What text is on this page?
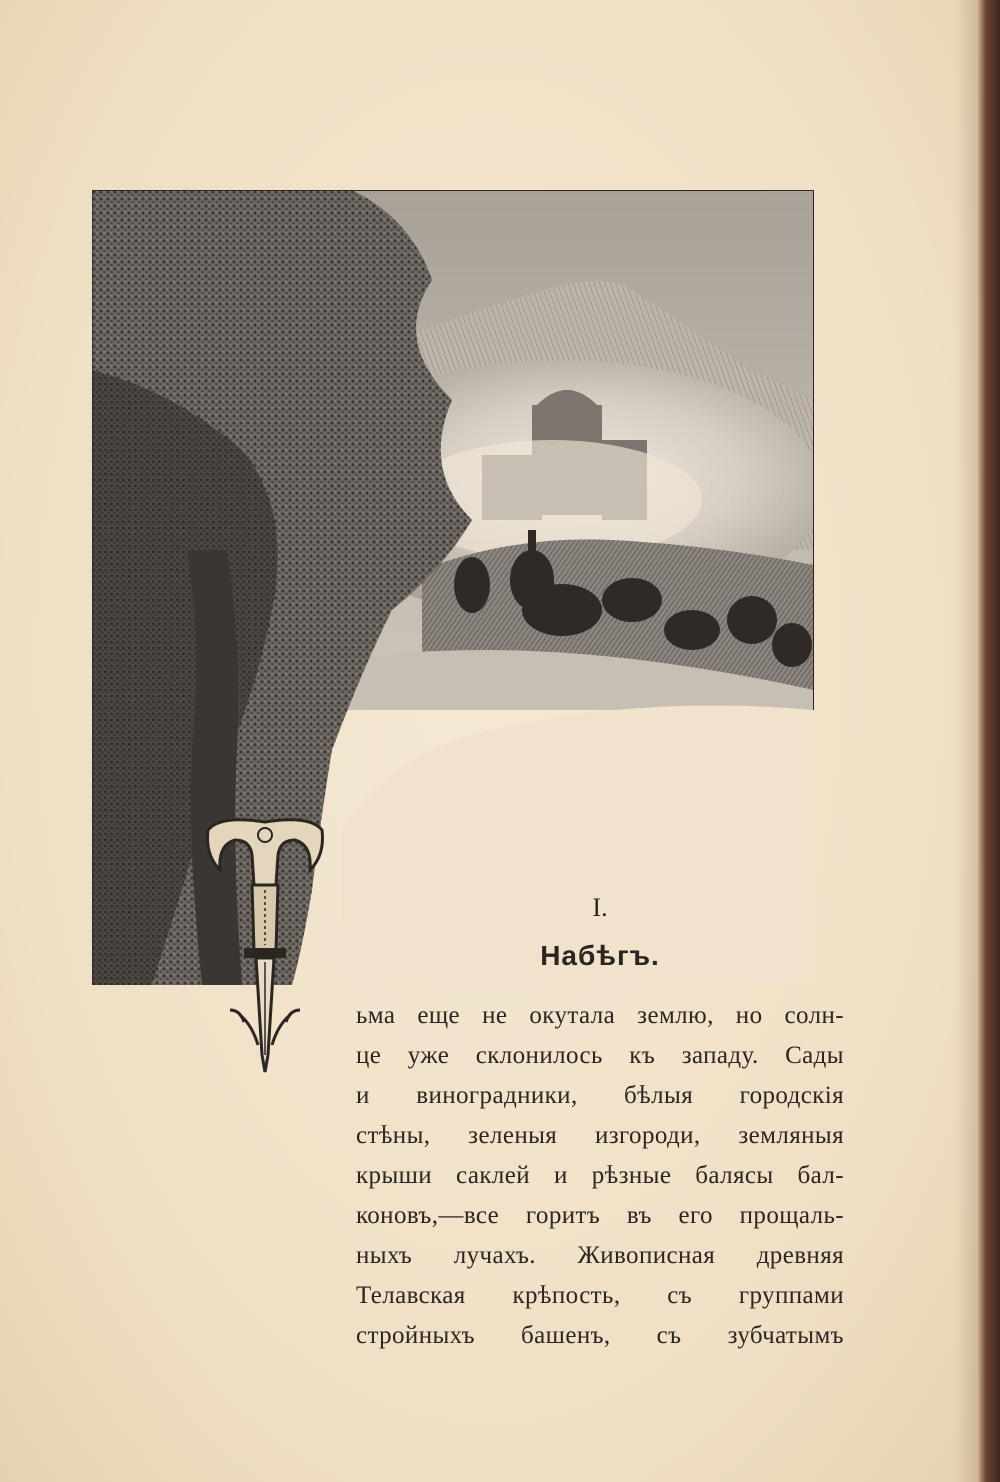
I.
Набѣгъ.
ьма еще не окутала землю, но солн-
це уже склонилось къ западу. Сады
и виноградники, бѣлыя городскія
стѣны, зеленыя изгороди, земляныя
крыши саклей и рѣзные балясы бал-
коновъ,—все горитъ въ его прощаль-
ныхъ лучахъ. Живописная древняя
Телавская крѣпость, съ группами
стройныхъ башенъ, съ зубчатымъ
